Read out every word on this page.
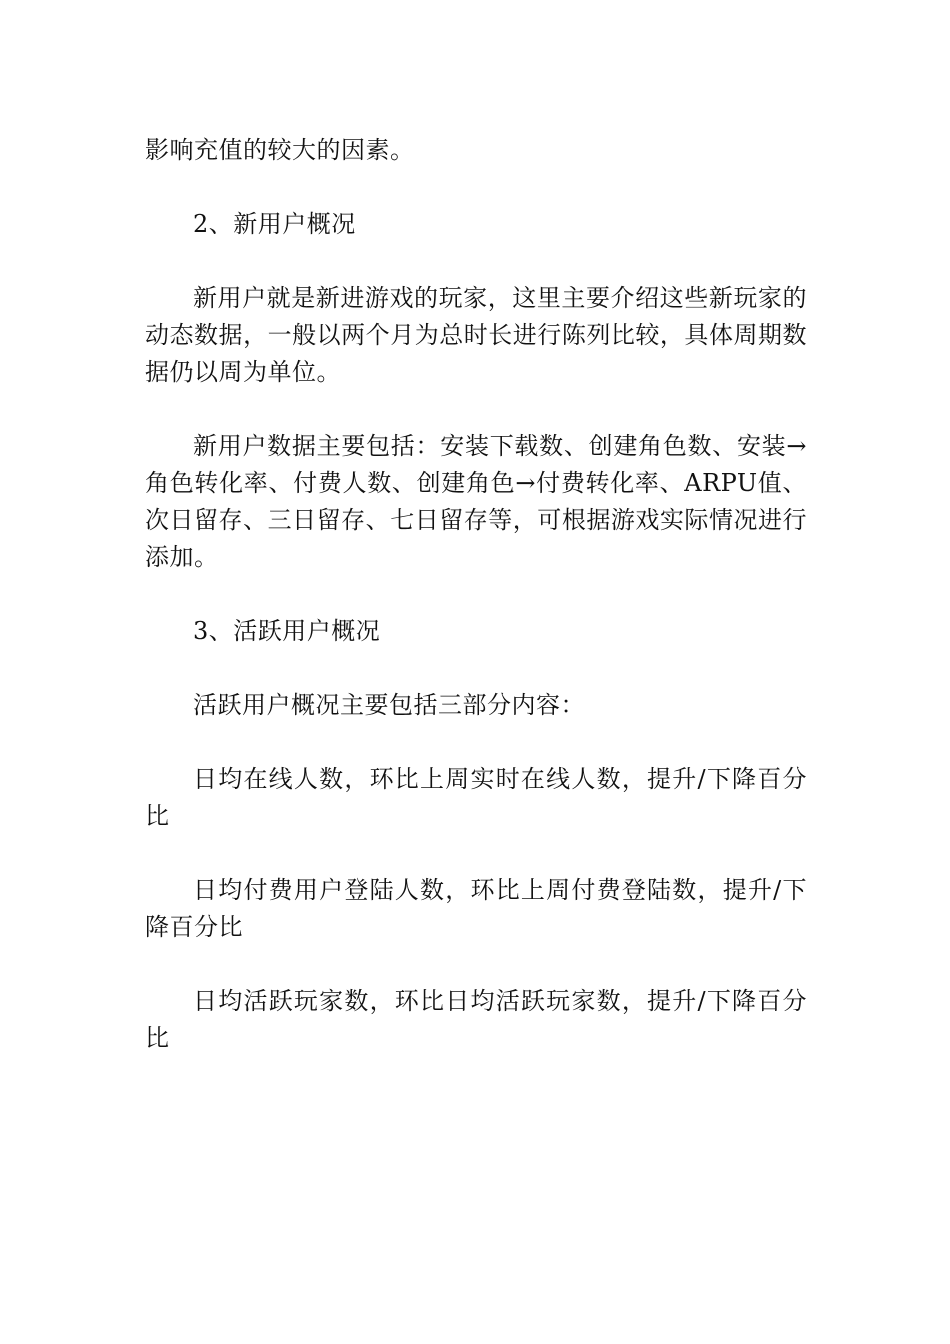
影响充值的较大的因素。

2、新用户概况

新用户就是新进游戏的玩家，这里主要介绍这些新玩家的动态数据，一般以两个月为总时长进行陈列比较，具体周期数据仍以周为单位。

新用户数据主要包括：安装下载数、创建角色数、安装→角色转化率、付费人数、创建角色→付费转化率、ARPU值、次日留存、三日留存、七日留存等，可根据游戏实际情况进行添加。

3、活跃用户概况

活跃用户概况主要包括三部分内容：

日均在线人数，环比上周实时在线人数，提升/下降百分比

日均付费用户登陆人数，环比上周付费登陆数，提升/下降百分比

日均活跃玩家数，环比日均活跃玩家数，提升/下降百分比
